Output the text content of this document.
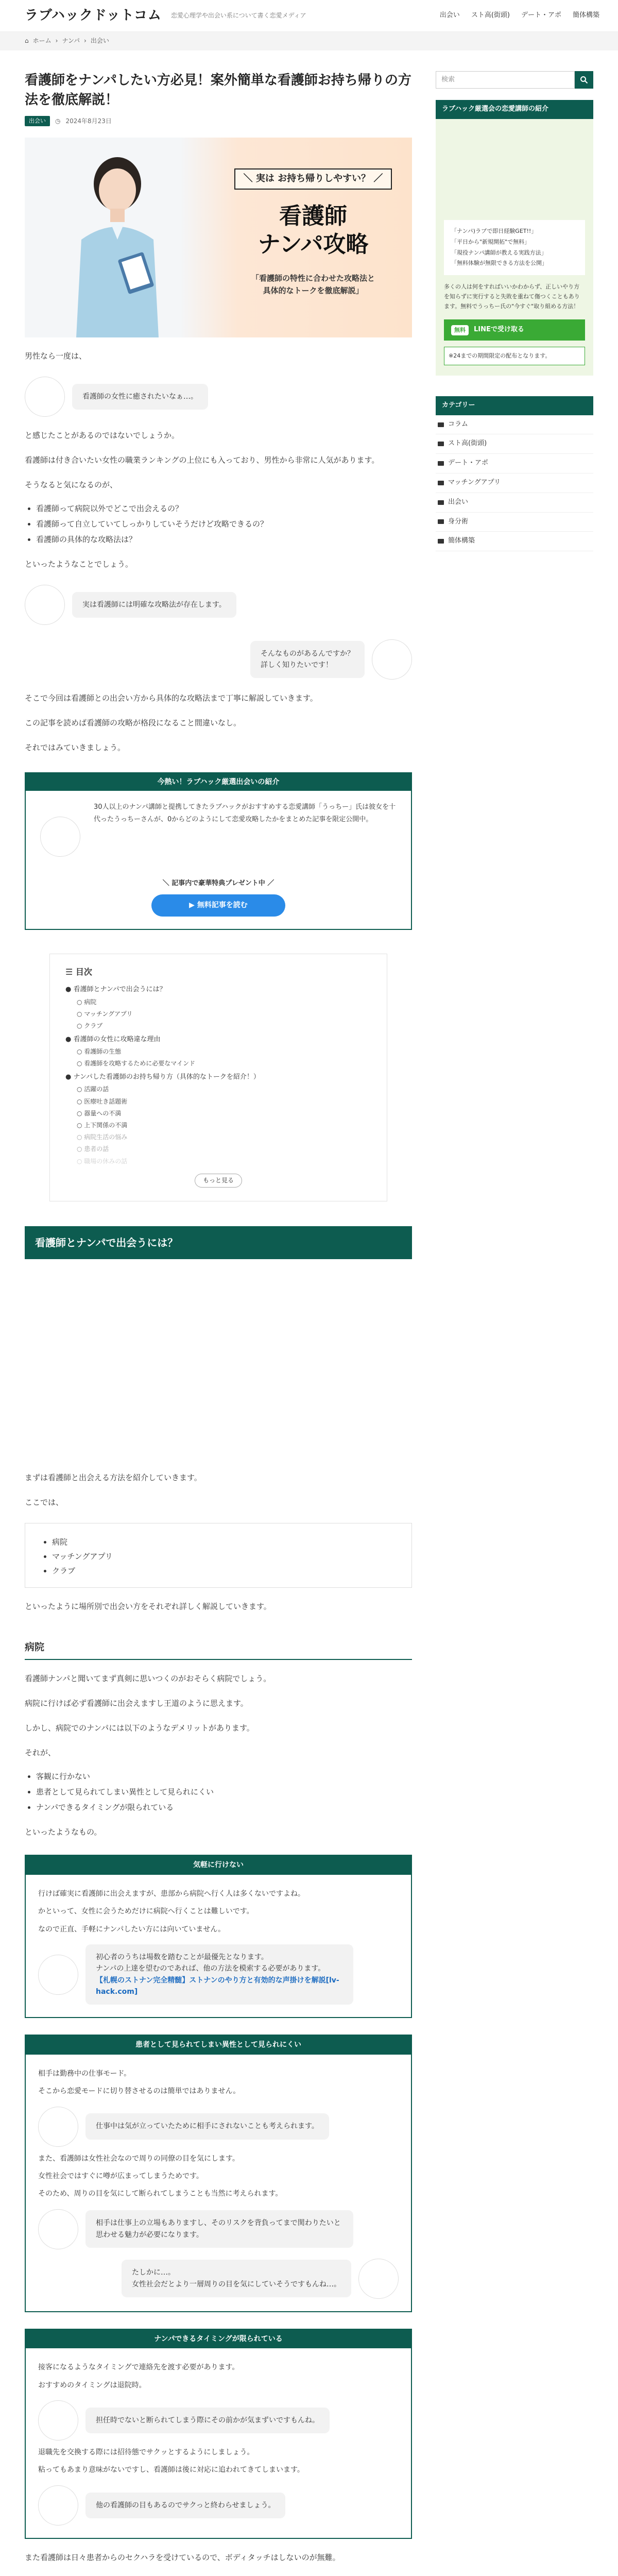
ラブハックドットコム 恋愛心理学や出会い系について書く恋愛メディア	出会い スト高(街頭) デート・アポ 簡体構築
⌂ ホーム › ナンパ › 出会い
看護師をナンパしたい方必見！案外簡単な看護師お持ち帰りの方法を徹底解説！
出会い	◷ 2024年8月23日
＼ 実は お持ち帰りしやすい？ ／
看護師
ナンパ攻略
「看護師の特性に合わせた攻略法と
具体的なトークを徹底解説」

男性なら一度は、

看護師の女性に癒されたいなぁ…。

と感じたことがあるのではないでしょうか。

看護師は付き合いたい女性の職業ランキングの上位にも入っており、男性から非常に人気があります。

そうなると気になるのが、

• 看護師って病院以外でどこで出会えるの？
• 看護師って自立していてしっかりしていそうだけど攻略できるの？
• 看護師の具体的な攻略法は？

といったようなことでしょう。

実は看護師には明確な攻略法が存在します。
そんなものがあるんですか？
詳しく知りたいです！

そこで今回は看護師との出会い方から具体的な攻略法まで丁寧に解説していきます。

この記事を読めば看護師の攻略が格段になること間違いなし。

それではみていきましょう。

今熱い！ラブハック厳選出会いの紹介
30人以上のナンパ講師と提携してきたラブハックがおすすめする恋愛講師「うっちー」氏は彼女を十代ったうっちーさんが、0からどのようにして恋愛攻略したかをまとめた記事を限定公開中。
＼ 記事内で豪華特典プレゼント中 ／
▶ 無料記事を読む
☰ 目次
● 看護師とナンパで出会うには？
○ 病院
○ マッチングアプリ
○ クラブ
● 看護師の女性に攻略違な理由
○ 看護師の生態
○ 看護師を攻略するために必要なマインド
● ナンパした看護師のお持ち帰り方（具体的なトークを紹介！）
○ 活躍の話
○ 医療吐き話題術
○ 器量への不満
○ 上下関係の不満
○ 病院生活の悩み
○ 患者の話
○ 職場の休みの話
もっと見る
看護師とナンパで出会うには？

まずは看護師と出会える方法を紹介していきます。

ここでは、

• 病院
• マッチングアプリ
• クラブ

といったように場所別で出会い方をそれぞれ詳しく解説していきます。

病院

看護師ナンパと聞いてまず真剣に思いつくのがおそらく病院でしょう。

病院に行けば必ず看護師に出会えますし王道のように思えます。

しかし、病院でのナンパには以下のようなデメリットがあります。

それが、

• 客観に行かない
• 患者として見られてしまい異性として見られにくい
• ナンパできるタイミングが限られている

といったようなもの。

気軽に行けない

行けば確実に看護師に出会えますが、患部から病院へ行く人は多くないですよね。

かといって、女性に会うためだけに病院へ行くことは難しいです。

なので正直、手軽にナンパしたい方には向いていません。

初心者のうちは場数を踏むことが最優先となります。
ナンパの上達を望むのであれば、他の方法を模索する必要があります。
【札幌のストナン完全精髄】ストナンのやり方と有効的な声掛けを解説[lv-hack.com]
患者として見られてしまい異性として見られにくい

相手は勤務中の仕事モード。

そこから恋愛モードに切り替させるのは簡単ではありません。

仕事中は気が立っていたために相手にされないことも考えられます。

また、看護師は女性社会なので周りの同僚の目を気にします。

女性社会ではすぐに噂が広まってしまうためです。

そのため、周りの目を気にして断られてしまうことも当然に考えられます。

相手は仕事上の立場もありますし、そのリスクを背負ってまで関わりたいと思わせる魅力が必要になります。
たしかに…。
女性社会だとより一層周りの目を気にしていそうですもんね…。
ナンパできるタイミングが限られている

接客になるようなタイミングで連絡先を渡す必要があります。

おすすめのタイミングは退院時。

担任時でないと断られてしまう際にその前かが気まずいですもんね。

退職先を交換する際には招待態でサクッとするようにしましょう。

粘ってもあまり意味がないですし、看護師は後に対応に追われてきてしまいます。

他の看護師の目もあるのでサクっと終わらせましょう。

また看護師は日々患者からのセクハラを受けているので、ボディタッチはしないのが無難。

検索
ラブハック厳選会の恋愛講師の紹介
「ナンパ)ラブで即日経験GET!!」
「平日から"新規開拓"で無料」
「現役ナンパ講師が教える実践方法」
「無料体験が無限できる方法を公開」
多くの人は何をすればいいかわからず、正しいやり方を知らずに実行すると失敗を重ねて傷つくこともあります。無料でうっちー氏の"今すぐ"取り組める方法！
無料	LINEで受け取る
※24までの期間限定の配布となります。
カテゴリー
コラム
スト高(街頭)
デート・アポ
マッチングアプリ
出会い
身分術
簡体構築
